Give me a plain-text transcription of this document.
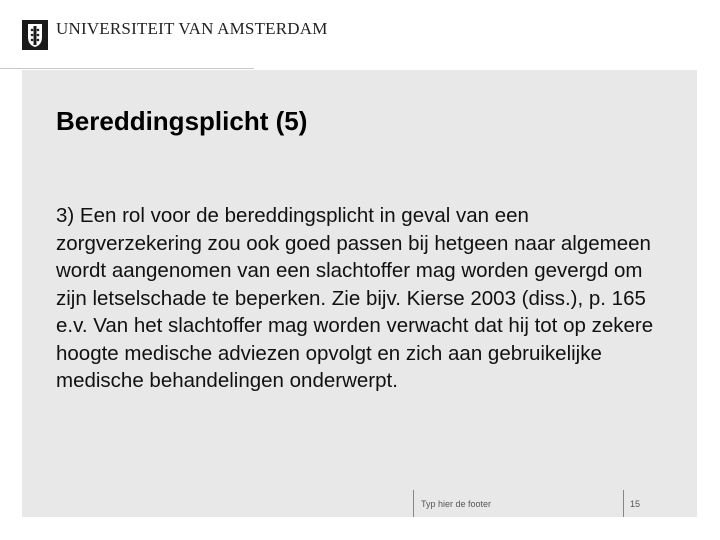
UNIVERSITEIT VAN AMSTERDAM
Bereddingsplicht (5)

3) Een rol voor de bereddingsplicht in geval van een zorgverzekering zou ook goed passen bij hetgeen naar algemeen wordt aangenomen van een slachtoffer mag worden gevergd om zijn letselschade te beperken. Zie bijv. Kierse 2003 (diss.), p. 165 e.v. Van het slachtoffer mag worden verwacht dat hij tot op zekere hoogte medische adviezen opvolgt en zich aan gebruikelijke medische behandelingen onderwerpt.

Typ hier de footer	15
